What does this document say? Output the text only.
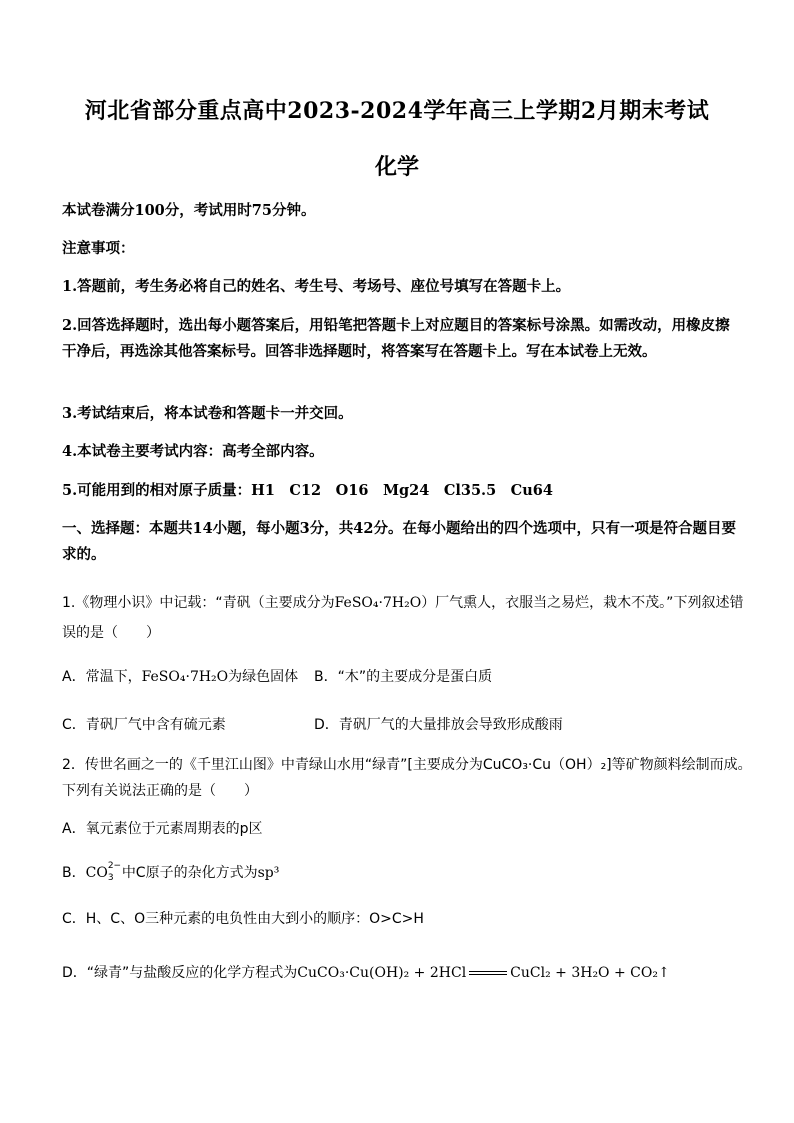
河北省部分重点高中2023-2024学年高三上学期2月期末考试
化学
本试卷满分100分，考试用时75分钟。
注意事项：
1.答题前，考生务必将自己的姓名、考生号、考场号、座位号填写在答题卡上。
2.回答选择题时，选出每小题答案后，用铅笔把答题卡上对应题目的答案标号涂黑。如需改动，用橡皮擦干净后，再选涂其他答案标号。回答非选择题时，将答案写在答题卡上。写在本试卷上无效。
3.考试结束后，将本试卷和答题卡一并交回。
4.本试卷主要考试内容：高考全部内容。
5.可能用到的相对原子质量：H1　C12　O16　Mg24　Cl35.5　Cu64
一、选择题：本题共14小题，每小题3分，共42分。在每小题给出的四个选项中，只有一项是符合题目要求的。
1.《物理小识》中记载：“青矾（主要成分为FeSO₄·7H₂O）厂气熏人，衣服当之易烂，栽木不茂。”下列叙述错误的是（　　）
A．常温下，FeSO₄·7H₂O为绿色固体 B．“木”的主要成分是蛋白质
C．青矾厂气中含有硫元素	D．青矾厂气的大量排放会导致形成酸雨
2．传世名画之一的《千里江山图》中青绿山水用“绿青”[主要成分为CuCO₃·Cu（OH）₂]等矿物颜料绘制而成。下列有关说法正确的是（　　）
A．氧元素位于元素周期表的p区
B．CO 2−
3 中C原子的杂化方式为sp³
C．H、C、O三种元素的电负性由大到小的顺序：O>C>H
D．“绿青”与盐酸反应的化学方程式为CuCO₃·Cu(OH)₂ + 2HCl	CuCl₂ + 3H₂O + CO₂↑
